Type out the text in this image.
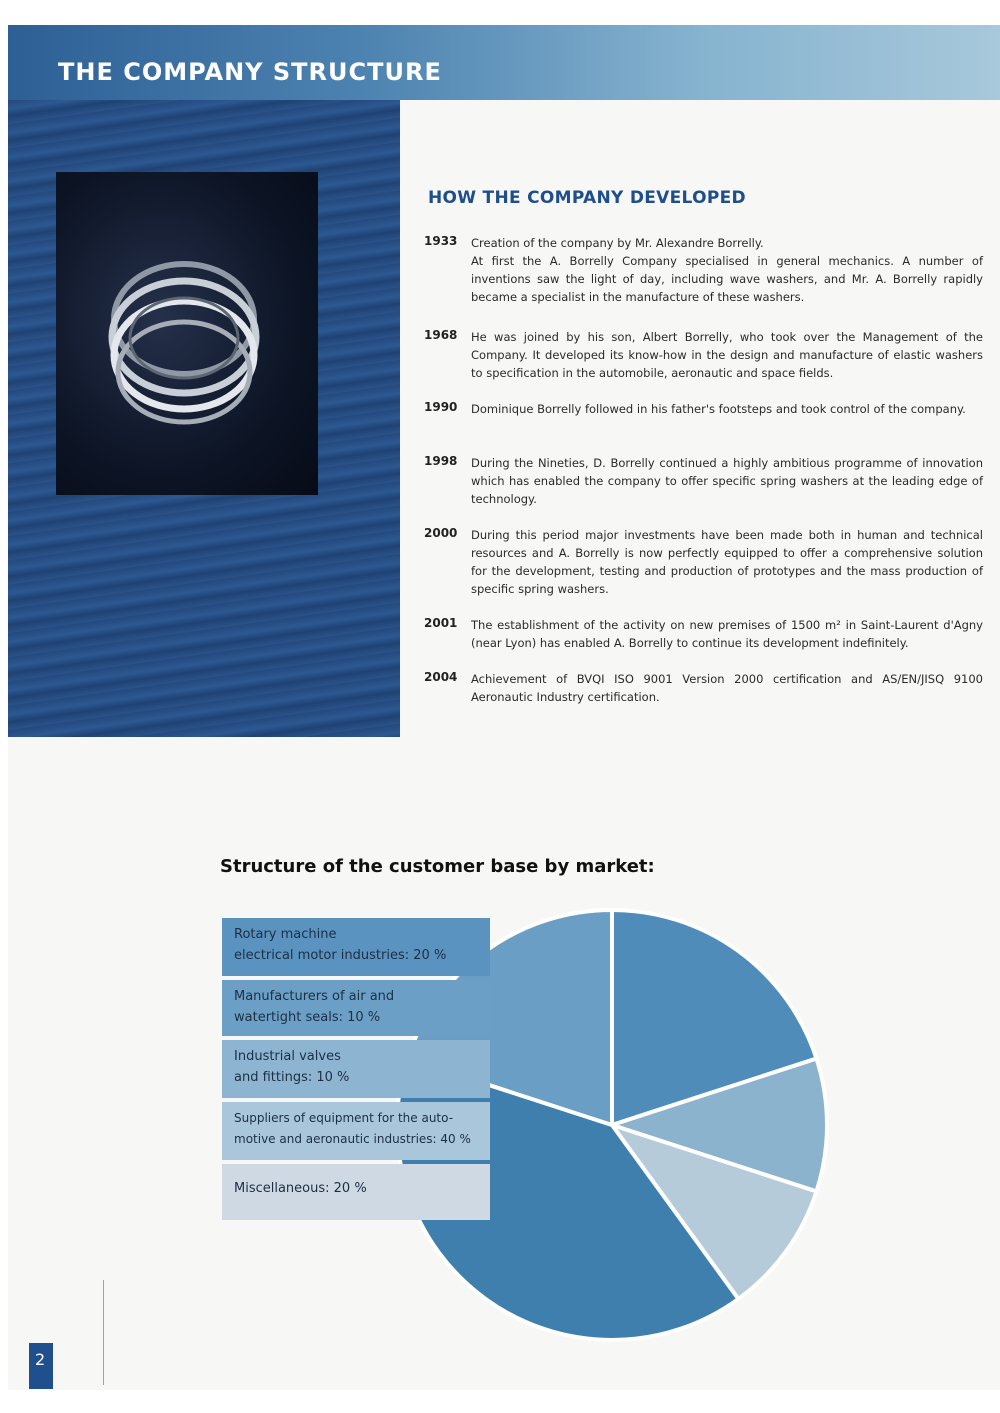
THE COMPANY STRUCTURE
HOW THE COMPANY DEVELOPED
1933	Creation of the company by Mr. Alexandre Borrelly.
At first the A. Borrelly Company specialised in general mechanics. A number of inventions saw the light of day, including wave washers, and Mr. A. Borrelly rapidly became a specialist in the manufacture of these washers.
1968	He was joined by his son, Albert Borrelly, who took over the Management of the Company. It developed its know-how in the design and manufacture of elastic washers to specification in the automobile, aeronautic and space fields.
1990	Dominique Borrelly followed in his father's footsteps and took control of the company.
1998	During the Nineties, D. Borrelly continued a highly ambitious programme of innovation which has enabled the company to offer specific spring washers at the leading edge of technology.
2000	During this period major investments have been made both in human and technical resources and A. Borrelly is now perfectly equipped to offer a comprehensive solution for the development, testing and production of prototypes and the mass production of specific spring washers.
2001	The establishment of the activity on new premises of 1500 m² in Saint-Laurent d'Agny (near Lyon) has enabled A. Borrelly to continue its development indefinitely.
2004	Achievement of BVQI ISO 9001 Version 2000 certification and AS/EN/JISQ 9100 Aeronautic Industry certification.
Structure of the customer base by market:
Rotary machine
electrical motor industries: 20 %
Manufacturers of air and
watertight seals: 10 %
Industrial valves
and fittings: 10 %
Suppliers of equipment for the auto-
motive and aeronautic industries: 40 %
Miscellaneous: 20 %
2
